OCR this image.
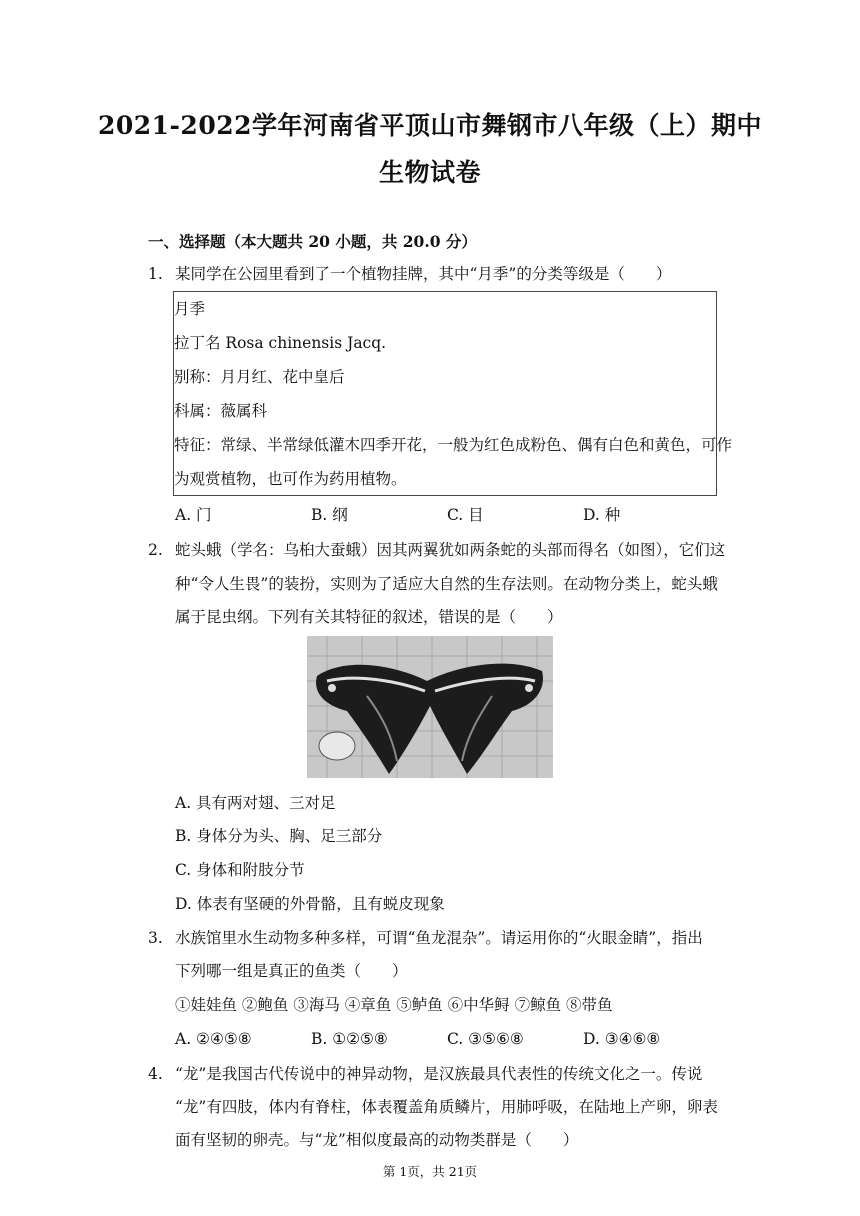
2021-2022学年河南省平顶山市舞钢市八年级（上）期中
生物试卷
一、选择题（本大题共 20 小题，共 20.0 分）
1. 某同学在公园里看到了一个植物挂牌，其中“月季”的分类等级是（　　）
月季
拉丁名 Rosa chinensis Jacq.
别称：月月红、花中皇后
科属：薇属科
特征：常绿、半常绿低灌木四季开花，一般为红色成粉色、偶有白色和黄色，可作
为观赏植物，也可作为药用植物。
A. 门	B. 纲	C. 目	D. 种
2. 蛇头蛾（学名：乌桕大蚕蛾）因其两翼犹如两条蛇的头部而得名（如图），它们这
种“令人生畏”的装扮，实则为了适应大自然的生存法则。在动物分类上，蛇头蛾
属于昆虫纲。下列有关其特征的叙述，错误的是（　　）
A. 具有两对翅、三对足
B. 身体分为头、胸、足三部分
C. 身体和附肢分节
D. 体表有坚硬的外骨骼，且有蜕皮现象
3. 水族馆里水生动物多种多样，可谓“鱼龙混杂”。请运用你的“火眼金睛”，指出
下列哪一组是真正的鱼类（　　）
①娃娃鱼 ②鲍鱼 ③海马 ④章鱼 ⑤鲈鱼 ⑥中华鲟 ⑦鲸鱼 ⑧带鱼
A. ②④⑤⑧	B. ①②⑤⑧	C. ③⑤⑥⑧	D. ③④⑥⑧
4. “龙”是我国古代传说中的神异动物，是汉族最具代表性的传统文化之一。传说
“龙”有四肢，体内有脊柱，体表覆盖角质鳞片，用肺呼吸，在陆地上产卵，卵表
面有坚韧的卵壳。与“龙”相似度最高的动物类群是（　　）
第 1页，共 21页
